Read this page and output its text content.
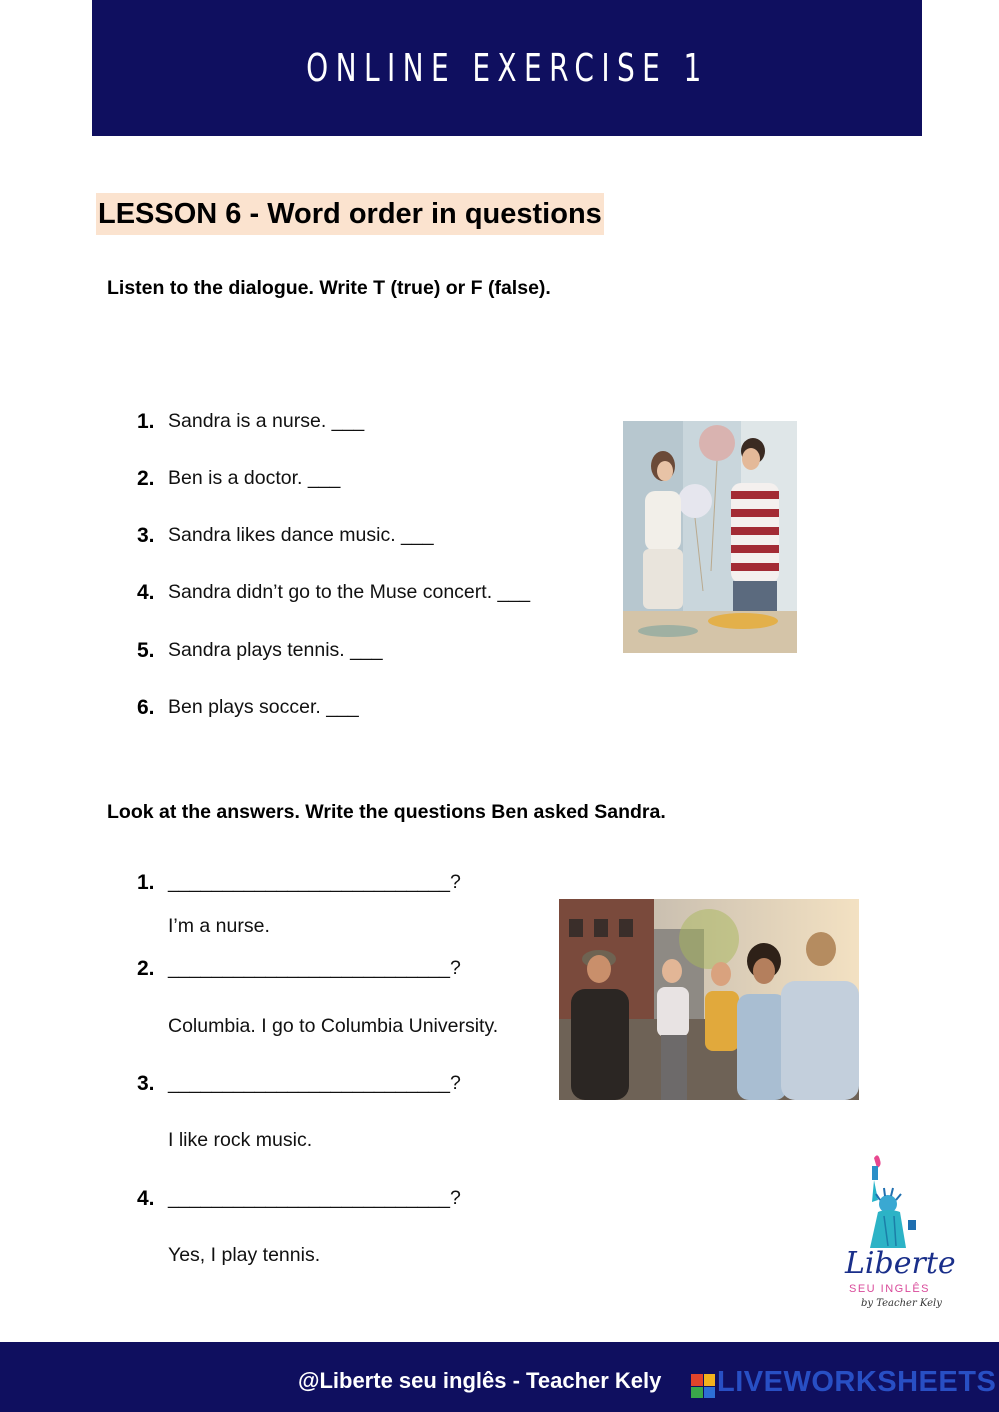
ONLINE EXERCISE 1
LESSON 6 - Word order in questions
Listen to the dialogue. Write T (true) or F (false).
1. Sandra is a nurse. ___
2. Ben is a doctor. ___
3. Sandra likes dance music. ___
4. Sandra didn’t go to the Muse concert. ___
5. Sandra plays tennis. ___
6. Ben plays soccer. ___
Look at the answers. Write the questions Ben asked Sandra.
1. __________________________?
I’m a nurse.
2. __________________________?
Columbia. I go to Columbia University.
3. __________________________?
I like rock music.
4. __________________________?
Yes, I play tennis.	Liberte
SEU INGLÊS
by Teacher Kely
@Liberte seu inglês - Teacher Kely LIVEWORKSHEETS
